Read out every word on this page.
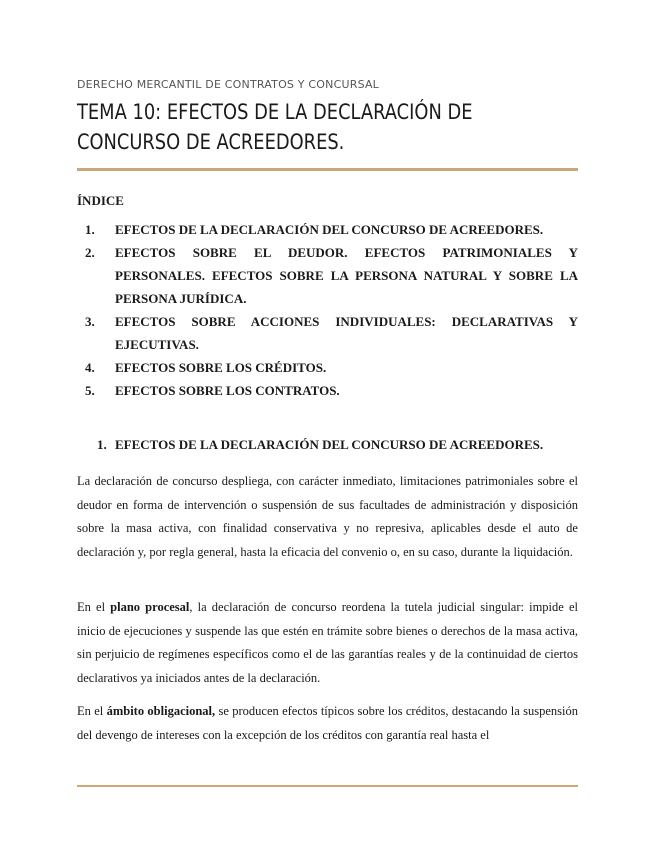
DERECHO MERCANTIL DE CONTRATOS Y CONCURSAL
TEMA 10: EFECTOS DE LA DECLARACIÓN DE CONCURSO DE ACREEDORES.
ÍNDICE
1. EFECTOS DE LA DECLARACIÓN DEL CONCURSO DE ACREEDORES.
2. EFECTOS SOBRE EL DEUDOR. EFECTOS PATRIMONIALES Y PERSONALES. EFECTOS SOBRE LA PERSONA NATURAL Y SOBRE LA PERSONA JURÍDICA.
3. EFECTOS SOBRE ACCIONES INDIVIDUALES: DECLARATIVAS Y EJECUTIVAS.
4. EFECTOS SOBRE LOS CRÉDITOS.
5. EFECTOS SOBRE LOS CONTRATOS.
1. EFECTOS DE LA DECLARACIÓN DEL CONCURSO DE ACREEDORES.

La declaración de concurso despliega, con carácter inmediato, limitaciones patrimoniales sobre el deudor en forma de intervención o suspensión de sus facultades de administración y disposición sobre la masa activa, con finalidad conservativa y no represiva, aplicables desde el auto de declaración y, por regla general, hasta la eficacia del convenio o, en su caso, durante la liquidación.

En el plano procesal, la declaración de concurso reordena la tutela judicial singular: impide el inicio de ejecuciones y suspende las que estén en trámite sobre bienes o derechos de la masa activa, sin perjuicio de regímenes específicos como el de las garantías reales y de la continuidad de ciertos declarativos ya iniciados antes de la declaración.

En el ámbito obligacional, se producen efectos típicos sobre los créditos, destacando la suspensión del devengo de intereses con la excepción de los créditos con garantía real hasta el
